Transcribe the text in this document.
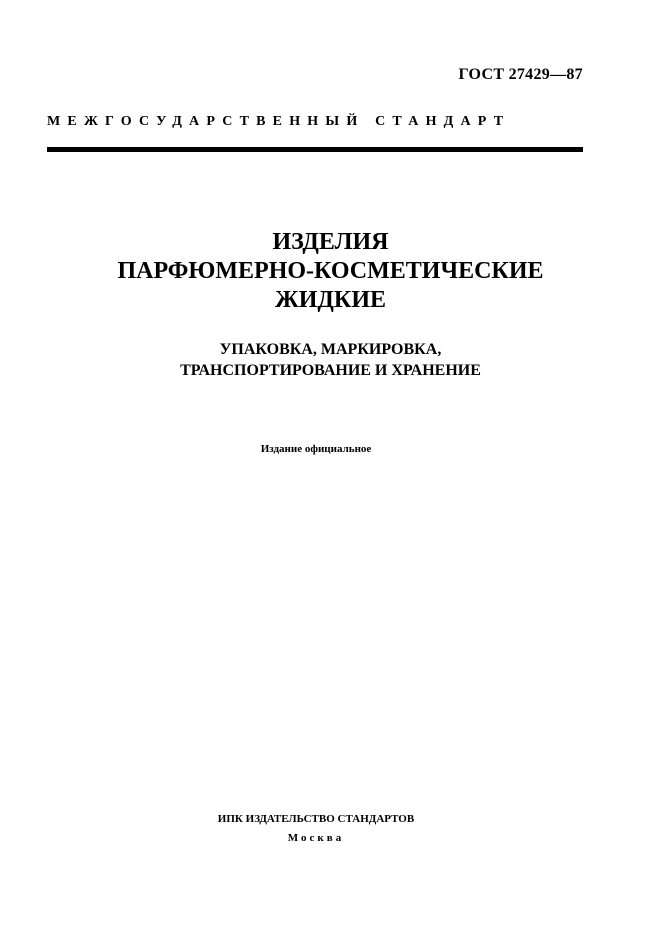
ГОСТ 27429—87
МЕЖГОСУДАРСТВЕННЫЙ СТАНДАРТ
ИЗДЕЛИЯ
ПАРФЮМЕРНО-КОСМЕТИЧЕСКИЕ
ЖИДКИЕ
УПАКОВКА, МАРКИРОВКА,
ТРАНСПОРТИРОВАНИЕ И ХРАНЕНИЕ
Издание официальное
ИПК ИЗДАТЕЛЬСТВО СТАНДАРТОВ
Москва
